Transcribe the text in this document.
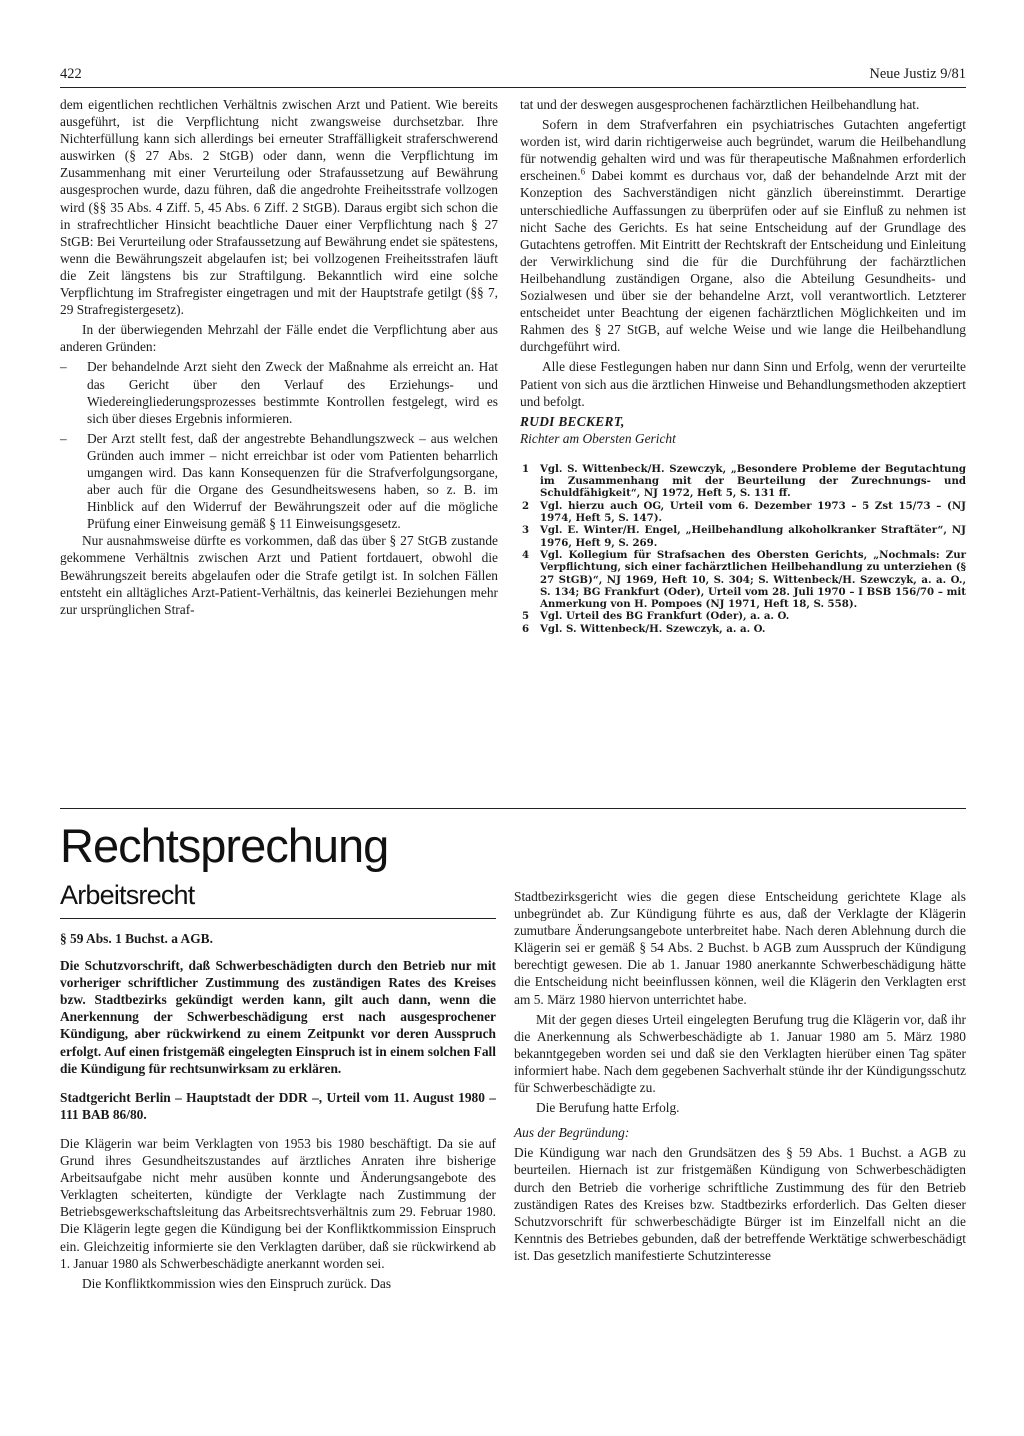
422	Neue Justiz 9/81

dem eigentlichen rechtlichen Verhältnis zwischen Arzt und Patient. Wie bereits ausgeführt, ist die Verpflichtung nicht zwangsweise durchsetzbar. Ihre Nichterfüllung kann sich allerdings bei erneuter Straffälligkeit straferschwerend auswirken (§ 27 Abs. 2 StGB) oder dann, wenn die Verpflichtung im Zusammenhang mit einer Verurteilung oder Strafaussetzung auf Bewährung ausgesprochen wurde, dazu führen, daß die angedrohte Freiheitsstrafe vollzogen wird (§§ 35 Abs. 4 Ziff. 5, 45 Abs. 6 Ziff. 2 StGB). Daraus ergibt sich schon die in strafrechtlicher Hinsicht beachtliche Dauer einer Verpflichtung nach § 27 StGB: Bei Verurteilung oder Strafaussetzung auf Bewährung endet sie spätestens, wenn die Bewährungszeit abgelaufen ist; bei vollzogenen Freiheitsstrafen läuft die Zeit längstens bis zur Straftilgung. Bekanntlich wird eine solche Verpflichtung im Strafregister eingetragen und mit der Hauptstrafe getilgt (§§ 7, 29 Strafregistergesetz).

In der überwiegenden Mehrzahl der Fälle endet die Verpflichtung aber aus anderen Gründen:

– Der behandelnde Arzt sieht den Zweck der Maßnahme als erreicht an. Hat das Gericht über den Verlauf des Erziehungs- und Wiedereingliederungsprozesses bestimmte Kontrollen festgelegt, wird es sich über dieses Ergebnis informieren.
– Der Arzt stellt fest, daß der angestrebte Behandlungszweck – aus welchen Gründen auch immer – nicht erreichbar ist oder vom Patienten beharrlich umgangen wird. Das kann Konsequenzen für die Strafverfolgungsorgane, aber auch für die Organe des Gesundheitswesens haben, so z. B. im Hinblick auf den Widerruf der Bewährungszeit oder auf die mögliche Prüfung einer Einweisung gemäß § 11 Einweisungsgesetz.

Nur ausnahmsweise dürfte es vorkommen, daß das über § 27 StGB zustande gekommene Verhältnis zwischen Arzt und Patient fortdauert, obwohl die Bewährungszeit bereits abgelaufen oder die Strafe getilgt ist. In solchen Fällen entsteht ein alltägliches Arzt-Patient-Verhältnis, das keinerlei Beziehungen mehr zur ursprünglichen Straf-

tat und der deswegen ausgesprochenen fachärztlichen Heilbehandlung hat.

Sofern in dem Strafverfahren ein psychiatrisches Gutachten angefertigt worden ist, wird darin richtigerweise auch begründet, warum die Heilbehandlung für notwendig gehalten wird und was für therapeutische Maßnahmen erforderlich erscheinen.$^6$ Dabei kommt es durchaus vor, daß der behandelnde Arzt mit der Konzeption des Sachverständigen nicht gänzlich übereinstimmt. Derartige unterschiedliche Auffassungen zu überprüfen oder auf sie Einfluß zu nehmen ist nicht Sache des Gerichts. Es hat seine Entscheidung auf der Grundlage des Gutachtens getroffen. Mit Eintritt der Rechtskraft der Entscheidung und Einleitung der Verwirklichung sind die für die Durchführung der fachärztlichen Heilbehandlung zuständigen Organe, also die Abteilung Gesundheits- und Sozialwesen und über sie der behandelne Arzt, voll verantwortlich. Letzterer entscheidet unter Beachtung der eigenen fachärztlichen Möglichkeiten und im Rahmen des § 27 StGB, auf welche Weise und wie lange die Heilbehandlung durchgeführt wird.

Alle diese Festlegungen haben nur dann Sinn und Erfolg, wenn der verurteilte Patient von sich aus die ärztlichen Hinweise und Behandlungsmethoden akzeptiert und befolgt.

RUDI BECKERT,
Richter am Obersten Gericht

1 Vgl. S. Wittenbeck/H. Szewczyk, „Besondere Probleme der Begutachtung im Zusammenhang mit der Beurteilung der Zurechnungs- und Schuldfähigkeit“, NJ 1972, Heft 5, S. 131 ff.
2 Vgl. hierzu auch OG, Urteil vom 6. Dezember 1973 – 5 Zst 15/73 – (NJ 1974, Heft 5, S. 147).
3 Vgl. E. Winter/H. Engel, „Heilbehandlung alkoholkranker Straftäter“, NJ 1976, Heft 9, S. 269.
4 Vgl. Kollegium für Strafsachen des Obersten Gerichts, „Nochmals: Zur Verpflichtung, sich einer fachärztlichen Heilbehandlung zu unterziehen (§ 27 StGB)“, NJ 1969, Heft 10, S. 304; S. Wittenbeck/H. Szewczyk, a. a. O., S. 134; BG Frankfurt (Oder), Urteil vom 28. Juli 1970 – I BSB 156/70 – mit Anmerkung von H. Pompoes (NJ 1971, Heft 18, S. 558).
5 Vgl. Urteil des BG Frankfurt (Oder), a. a. O.
6 Vgl. S. Wittenbeck/H. Szewczyk, a. a. O.
Rechtsprechung
Arbeitsrecht

§ 59 Abs. 1 Buchst. a AGB.

Die Schutzvorschrift, daß Schwerbeschädigten durch den Betrieb nur mit vorheriger schriftlicher Zustimmung des zuständigen Rates des Kreises bzw. Stadtbezirks gekündigt werden kann, gilt auch dann, wenn die Anerkennung der Schwerbeschädigung erst nach ausgesprochener Kündigung, aber rückwirkend zu einem Zeitpunkt vor deren Ausspruch erfolgt. Auf einen fristgemäß eingelegten Einspruch ist in einem solchen Fall die Kündigung für rechtsunwirksam zu erklären.

Stadtgericht Berlin – Hauptstadt der DDR –, Urteil vom 11. August 1980 – 111 BAB 86/80.

Die Klägerin war beim Verklagten von 1953 bis 1980 beschäftigt. Da sie auf Grund ihres Gesundheitszustandes auf ärztliches Anraten ihre bisherige Arbeitsaufgabe nicht mehr ausüben konnte und Änderungsangebote des Verklagten scheiterten, kündigte der Verklagte nach Zustimmung der Betriebsgewerkschaftsleitung das Arbeitsrechtsverhältnis zum 29. Februar 1980. Die Klägerin legte gegen die Kündigung bei der Konfliktkommission Einspruch ein. Gleichzeitig informierte sie den Verklagten darüber, daß sie rückwirkend ab 1. Januar 1980 als Schwerbeschädigte anerkannt worden sei.

Die Konfliktkommission wies den Einspruch zurück. Das

Stadtbezirksgericht wies die gegen diese Entscheidung gerichtete Klage als unbegründet ab. Zur Kündigung führte es aus, daß der Verklagte der Klägerin zumutbare Änderungsangebote unterbreitet habe. Nach deren Ablehnung durch die Klägerin sei er gemäß § 54 Abs. 2 Buchst. b AGB zum Ausspruch der Kündigung berechtigt gewesen. Die ab 1. Januar 1980 anerkannte Schwerbeschädigung hätte die Entscheidung nicht beeinflussen können, weil die Klägerin den Verklagten erst am 5. März 1980 hiervon unterrichtet habe.

Mit der gegen dieses Urteil eingelegten Berufung trug die Klägerin vor, daß ihr die Anerkennung als Schwerbeschädigte ab 1. Januar 1980 am 5. März 1980 bekanntgegeben worden sei und daß sie den Verklagten hierüber einen Tag später informiert habe. Nach dem gegebenen Sachverhalt stünde ihr der Kündigungsschutz für Schwerbeschädigte zu.

Die Berufung hatte Erfolg.

Aus der Begründung:

Die Kündigung war nach den Grundsätzen des § 59 Abs. 1 Buchst. a AGB zu beurteilen. Hiernach ist zur fristgemäßen Kündigung von Schwerbeschädigten durch den Betrieb die vorherige schriftliche Zustimmung des für den Betrieb zuständigen Rates des Kreises bzw. Stadtbezirks erforderlich. Das Gelten dieser Schutzvorschrift für schwerbeschädigte Bürger ist im Einzelfall nicht an die Kenntnis des Betriebes gebunden, daß der betreffende Werktätige schwerbeschädigt ist. Das gesetzlich manifestierte Schutzinteresse
